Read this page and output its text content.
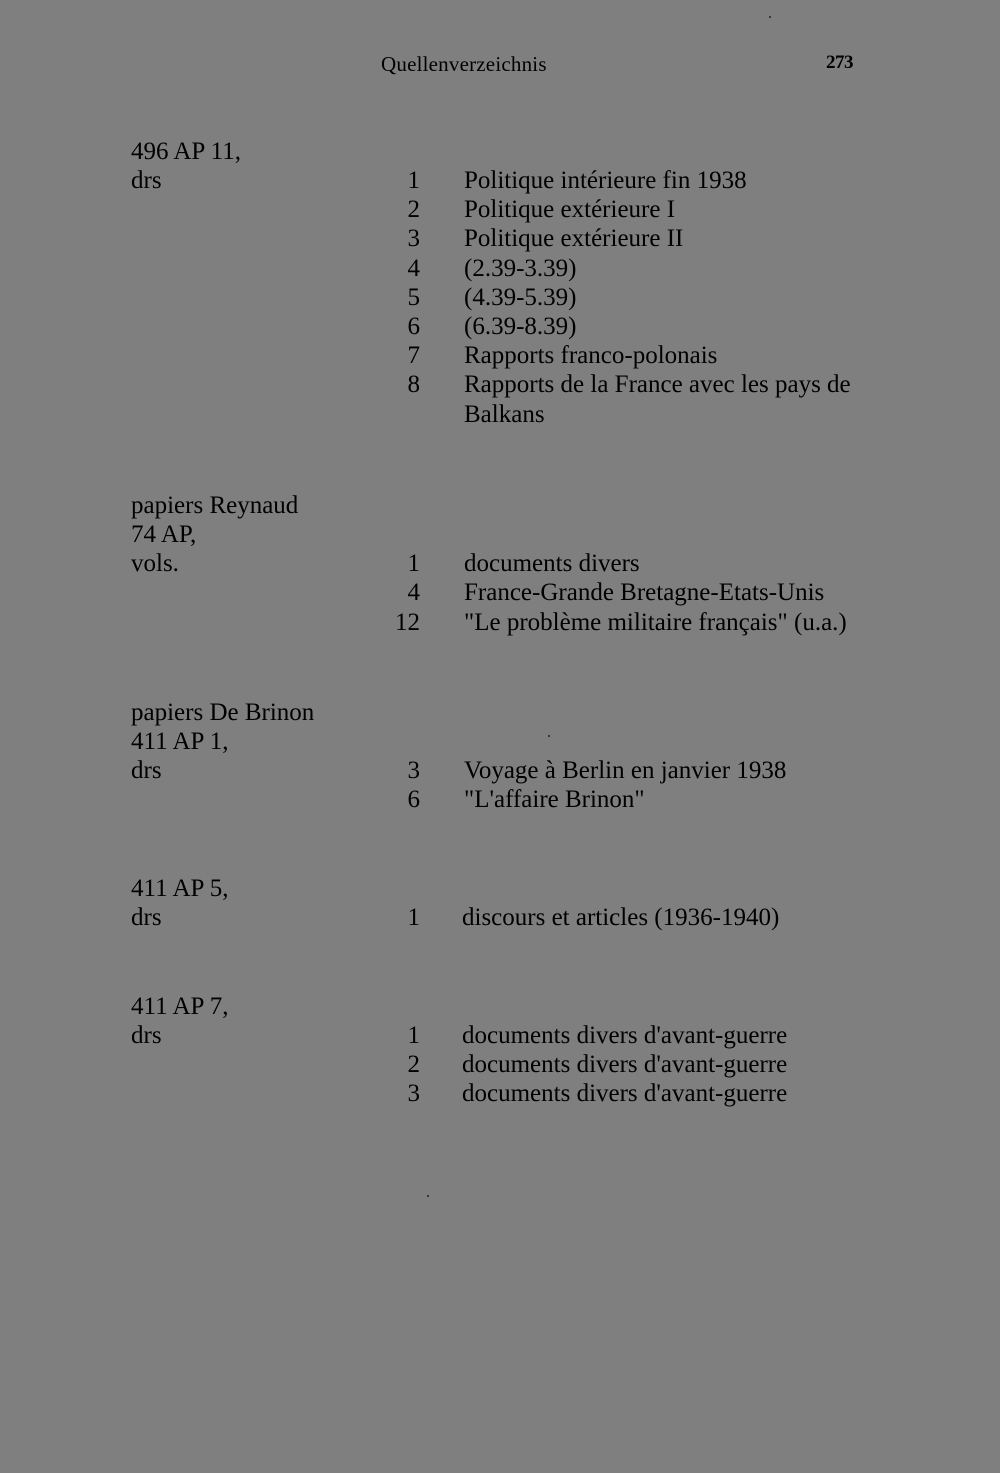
Quellenverzeichnis	273
496 AP 11,
drs	1 Politique intérieure fin 1938
2 Politique extérieure I
3 Politique extérieure II
4 (2.39-3.39)
5 (4.39-5.39)
6 (6.39-8.39)
7 Rapports franco-polonais
8 Rapports de la France avec les pays de
Balkans
papiers Reynaud
74 AP,
vols.	1 documents divers
4 France-Grande Bretagne-Etats-Unis
12 "Le problème militaire français" (u.a.)
papiers De Brinon
411 AP 1,
drs	3 Voyage à Berlin en janvier 1938
6 "L'affaire Brinon"
411 AP 5,
drs	1 discours et articles (1936-1940)
411 AP 7,
drs	1 documents divers d'avant-guerre
2 documents divers d'avant-guerre
3 documents divers d'avant-guerre
